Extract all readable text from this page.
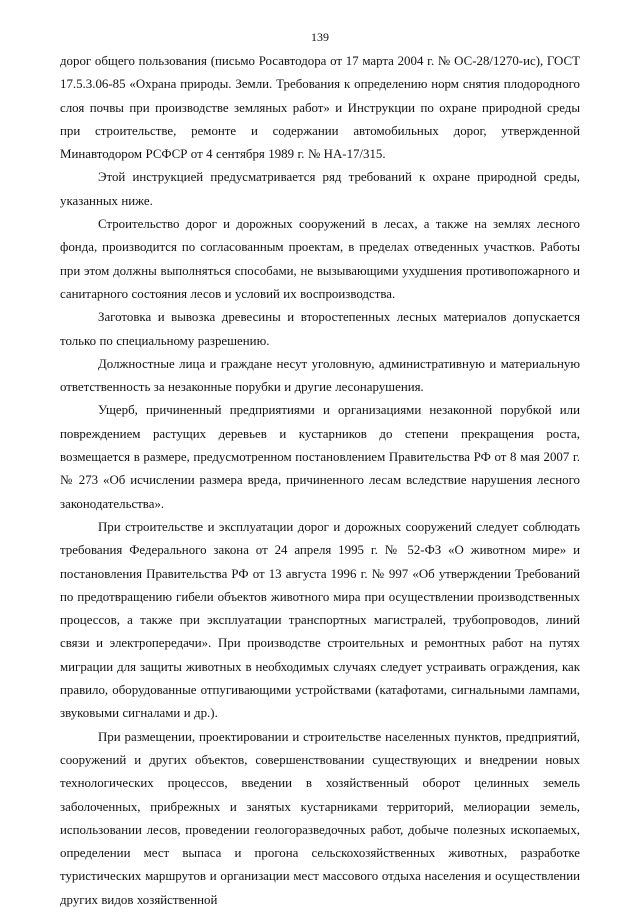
139

дорог общего пользования (письмо Росавтодора от 17 марта 2004 г. № ОС-28/1270-ис), ГОСТ 17.5.3.06-85 «Охрана природы. Земли. Требования к определению норм снятия плодородного слоя почвы при производстве земляных работ» и Инструкции по охране природной среды при строительстве, ремонте и содержании автомобильных дорог, утвержденной Минавтодором РСФСР от 4 сентября 1989 г. № НА-17/315.

Этой инструкцией предусматривается ряд требований к охране природной среды, указанных ниже.

Строительство дорог и дорожных сооружений в лесах, а также на землях лесного фонда, производится по согласованным проектам, в пределах отведенных участков. Работы при этом должны выполняться способами, не вызывающими ухудшения противопожарного и санитарного состояния лесов и условий их воспроизводства.

Заготовка и вывозка древесины и второстепенных лесных материалов допускается только по специальному разрешению.

Должностные лица и граждане несут уголовную, административную и материальную ответственность за незаконные порубки и другие лесонарушения.

Ущерб, причиненный предприятиями и организациями незаконной порубкой или повреждением растущих деревьев и кустарников до степени прекращения роста, возмещается в размере, предусмотренном постановлением Правительства РФ от 8 мая 2007 г. № 273 «Об исчислении размера вреда, причиненного лесам вследствие нарушения лесного законодательства».

При строительстве и эксплуатации дорог и дорожных сооружений следует соблюдать требования Федерального закона от 24 апреля 1995 г. № 52-ФЗ «О животном мире» и постановления Правительства РФ от 13 августа 1996 г. № 997 «Об утверждении Требований по предотвращению гибели объектов животного мира при осуществлении производственных процессов, а также при эксплуатации транспортных магистралей, трубопроводов, линий связи и электропередачи». При производстве строительных и ремонтных работ на путях миграции для защиты животных в необходимых случаях следует устраивать ограждения, как правило, оборудованные отпугивающими устройствами (катафотами, сигнальными лампами, звуковыми сигналами и др.).

При размещении, проектировании и строительстве населенных пунктов, предприятий, сооружений и других объектов, совершенствовании существующих и внедрении новых технологических процессов, введении в хозяйственный оборот целинных земель заболоченных, прибрежных и занятых кустарниками территорий, мелиорации земель, использовании лесов, проведении геологоразведочных работ, добыче полезных ископаемых, определении мест выпаса и прогона сельскохозяйственных животных, разработке туристических маршрутов и организации мест массового отдыха населения и осуществлении других видов хозяйственной
